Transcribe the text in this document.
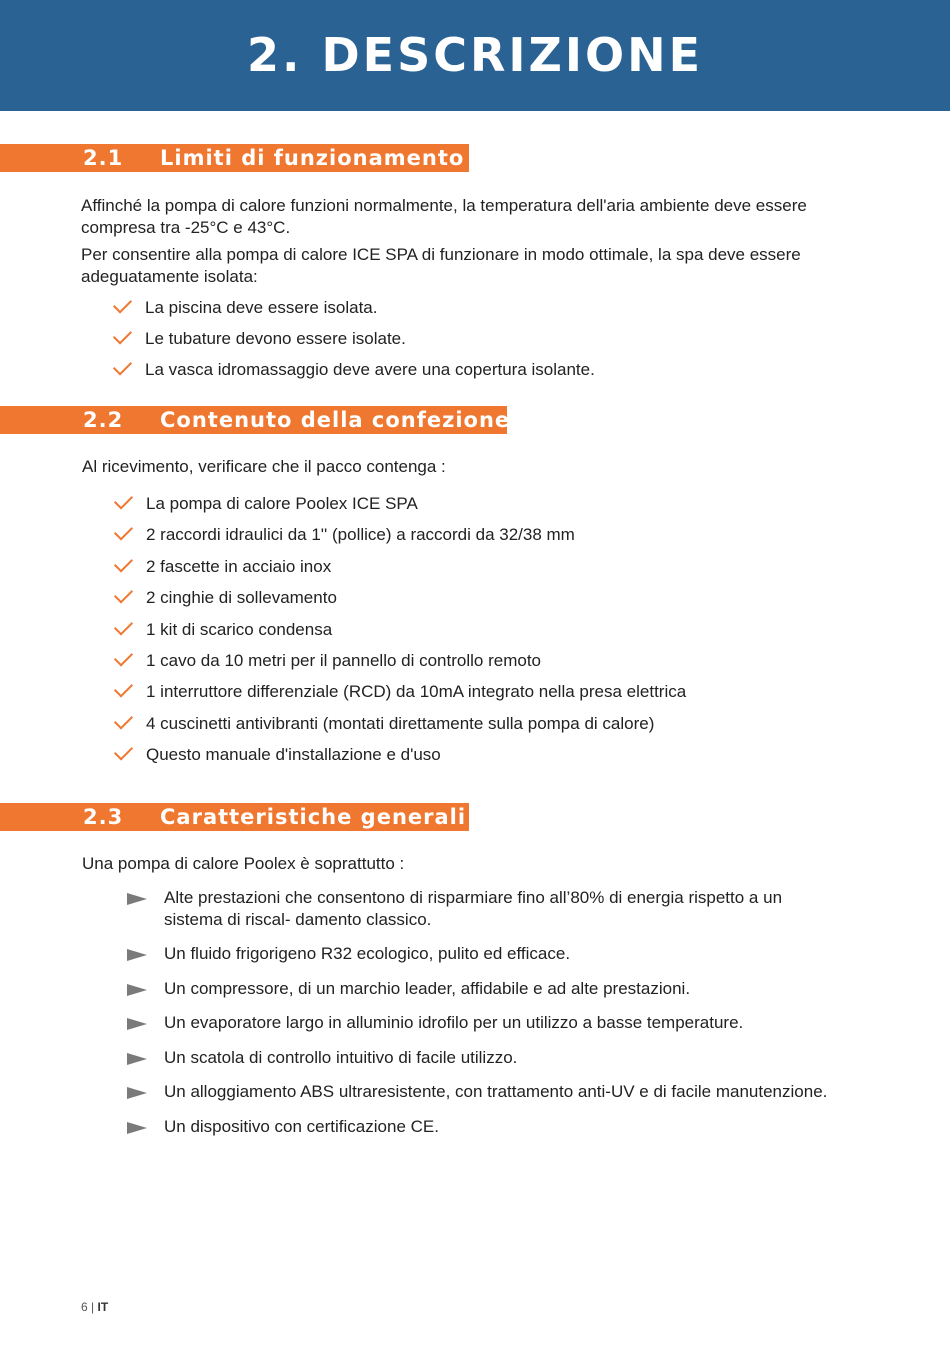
2. DESCRIZIONE
2.1 Limiti di funzionamento

Affinché la pompa di calore funzioni normalmente, la temperatura dell'aria ambiente deve essere compresa tra -25°C e 43°C.

Per consentire alla pompa di calore ICE SPA di funzionare in modo ottimale, la spa deve essere adeguatamente isolata:

La piscina deve essere isolata.
Le tubature devono essere isolate.
La vasca idromassaggio deve avere una copertura isolante.
2.2 Contenuto della confezione

Al ricevimento, verificare che il pacco contenga :

La pompa di calore Poolex ICE SPA
2 raccordi idraulici da 1'' (pollice) a raccordi da 32/38 mm
2 fascette in acciaio inox
2 cinghie di sollevamento
1 kit di scarico condensa
1 cavo da 10 metri per il pannello di controllo remoto
1 interruttore differenziale (RCD) da 10mA integrato nella presa elettrica
4 cuscinetti antivibranti (montati direttamente sulla pompa di calore)
Questo manuale d'installazione e d'uso
2.3 Caratteristiche generali

Una pompa di calore Poolex è soprattutto :

Alte prestazioni che consentono di risparmiare fino all’80% di energia rispetto a un sistema di riscal- damento classico.
Un fluido frigorigeno R32 ecologico, pulito ed efficace.
Un compressore, di un marchio leader, affidabile e ad alte prestazioni.
Un evaporatore largo in alluminio idrofilo per un utilizzo a basse temperature.
Un scatola di controllo intuitivo di facile utilizzo.
Un alloggiamento ABS ultraresistente, con trattamento anti-UV e di facile manutenzione.
Un dispositivo con certificazione CE.
6 | IT
